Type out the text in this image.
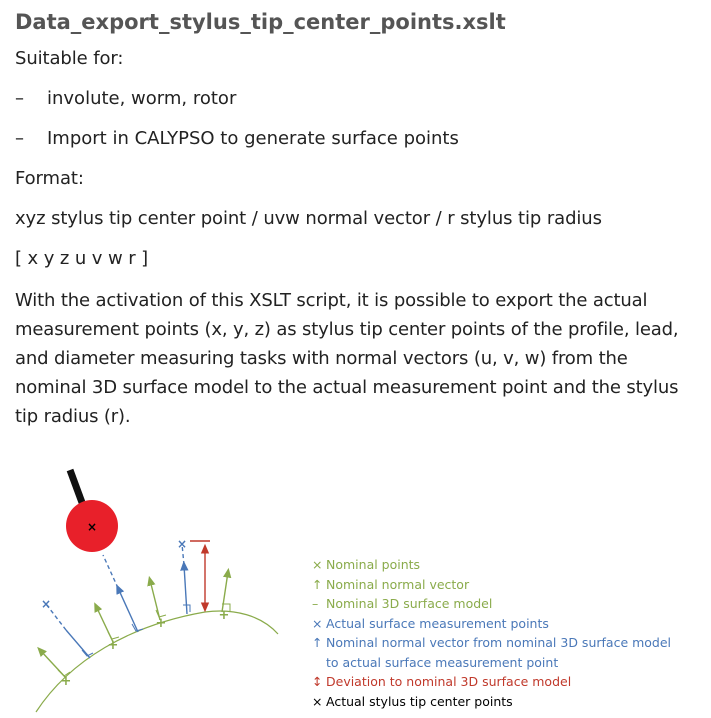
Data_export_stylus_tip_center_points.xslt
Suitable for:
–	involute, worm, rotor
–	Import in CALYPSO to generate surface points
Format:
xyz stylus tip center point / uvw normal vector / r stylus tip radius
[ x y z u v w r ]
With the activation of this XSLT script, it is possible to export the actual measurement points (x, y, z) as stylus tip center points of the profile, lead, and diameter measuring tasks with normal vectors (u, v, w) from the nominal 3D surface model to the actual measurement point and the stylus tip radius (r).
×
+
+
+
+
×
×
× Nominal points
↑ Nominal normal vector
– Nominal 3D surface model
× Actual surface measurement points
↑ Nominal normal vector from nominal 3D surface model
to actual surface measurement point
↕ Deviation to nominal 3D surface model
× Actual stylus tip center points
